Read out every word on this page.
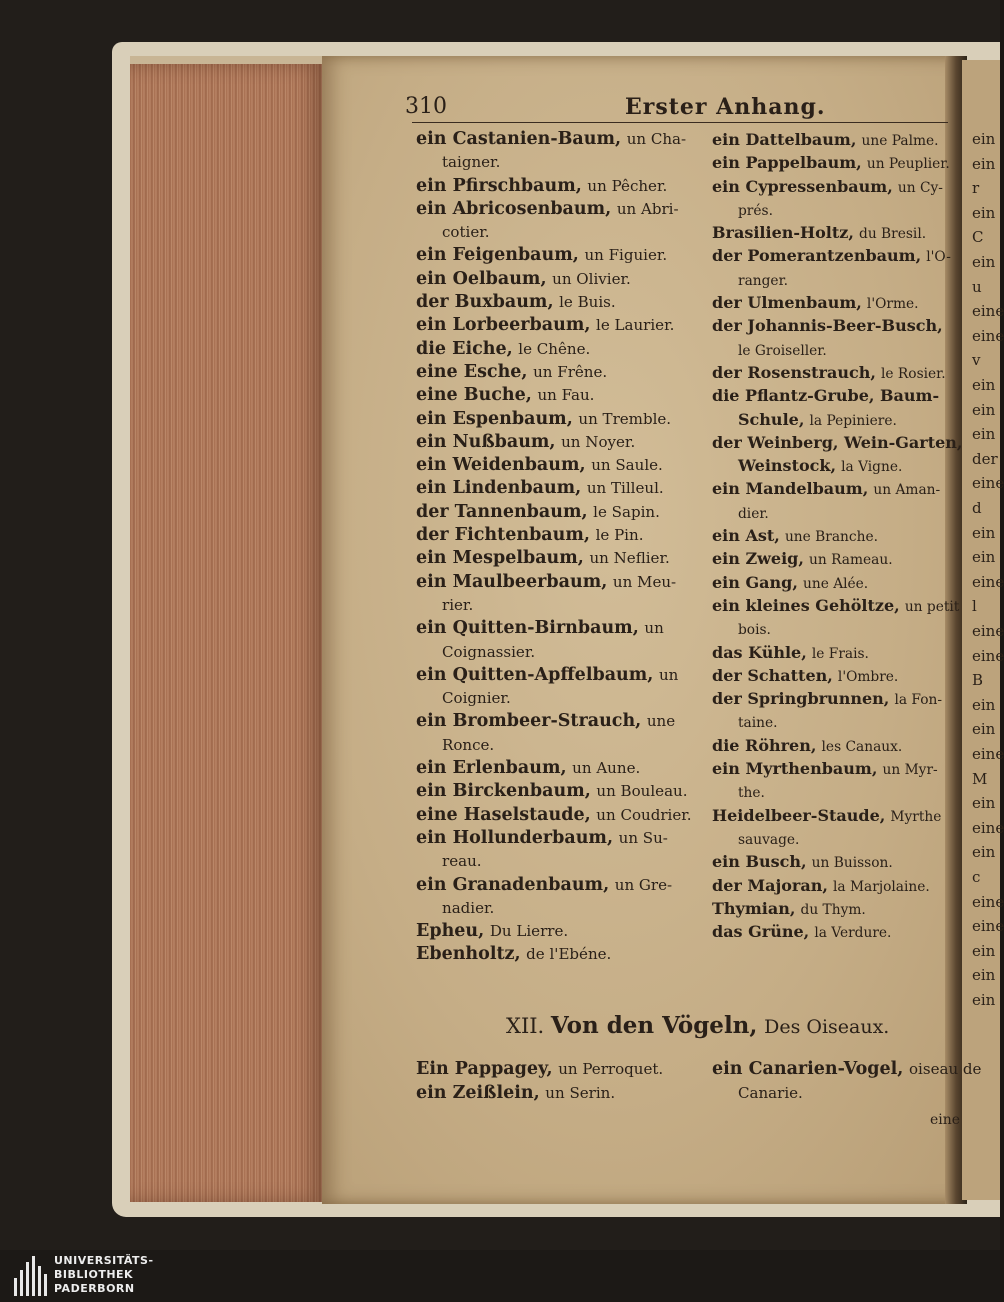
ein
ein
r
ein
C
ein
u
eine
eine
v
ein
ein
ein
der
eine
d
ein
ein
eine
l
eine
eine
B
ein
ein
eine
M
ein
eine
ein
c
eine
eine
ein
ein
ein
310	Erster Anhang.
ein Castanien-Baum, un Cha-
taigner.
ein Pfirschbaum, un Pêcher.
ein Abricosenbaum, un Abri-
cotier.
ein Feigenbaum, un Figuier.
ein Oelbaum, un Olivier.
der Buxbaum, le Buis.
ein Lorbeerbaum, le Laurier.
die Eiche, le Chêne.
eine Esche, un Frêne.
eine Buche, un Fau.
ein Espenbaum, un Tremble.
ein Nußbaum, un Noyer.
ein Weidenbaum, un Saule.
ein Lindenbaum, un Tilleul.
der Tannenbaum, le Sapin.
der Fichtenbaum, le Pin.
ein Mespelbaum, un Neflier.
ein Maulbeerbaum, un Meu-
rier.
ein Quitten-Birnbaum, un
Coignassier.
ein Quitten-Apffelbaum, un
Coignier.
ein Brombeer-Strauch, une
Ronce.
ein Erlenbaum, un Aune.
ein Birckenbaum, un Bouleau.
eine Haselstaude, un Coudrier.
ein Hollunderbaum, un Su-
reau.
ein Granadenbaum, un Gre-
nadier.
Epheu, Du Lierre.
Ebenholtz, de l'Ebéne.
ein Dattelbaum, une Palme.
ein Pappelbaum, un Peuplier.
ein Cypressenbaum, un Cy-
prés.
Brasilien-Holtz, du Bresil.
der Pomerantzenbaum, l'O-
ranger.
der Ulmenbaum, l'Orme.
der Johannis-Beer-Busch,
le Groiseller.
der Rosenstrauch, le Rosier.
die Pflantz-Grube, Baum-
Schule, la Pepiniere.
der Weinberg, Wein-Garten,
Weinstock, la Vigne.
ein Mandelbaum, un Aman-
dier.
ein Ast, une Branche.
ein Zweig, un Rameau.
ein Gang, une Alée.
ein kleines Gehöltze, un petit
bois.
das Kühle, le Frais.
der Schatten, l'Ombre.
der Springbrunnen, la Fon-
taine.
die Röhren, les Canaux.
ein Myrthenbaum, un Myr-
the.
Heidelbeer-Staude, Myrthe
sauvage.
ein Busch, un Buisson.
der Majoran, la Marjolaine.
Thymian, du Thym.
das Grüne, la Verdure.
XII. Von den Vögeln, Des Oiseaux.
Ein Pappagey, un Perroquet.
ein Zeißlein, un Serin.
ein Canarien-Vogel, oiseau de
Canarie.
eine
UNIVERSITÄTS-
BIBLIOTHEK
PADERBORN
